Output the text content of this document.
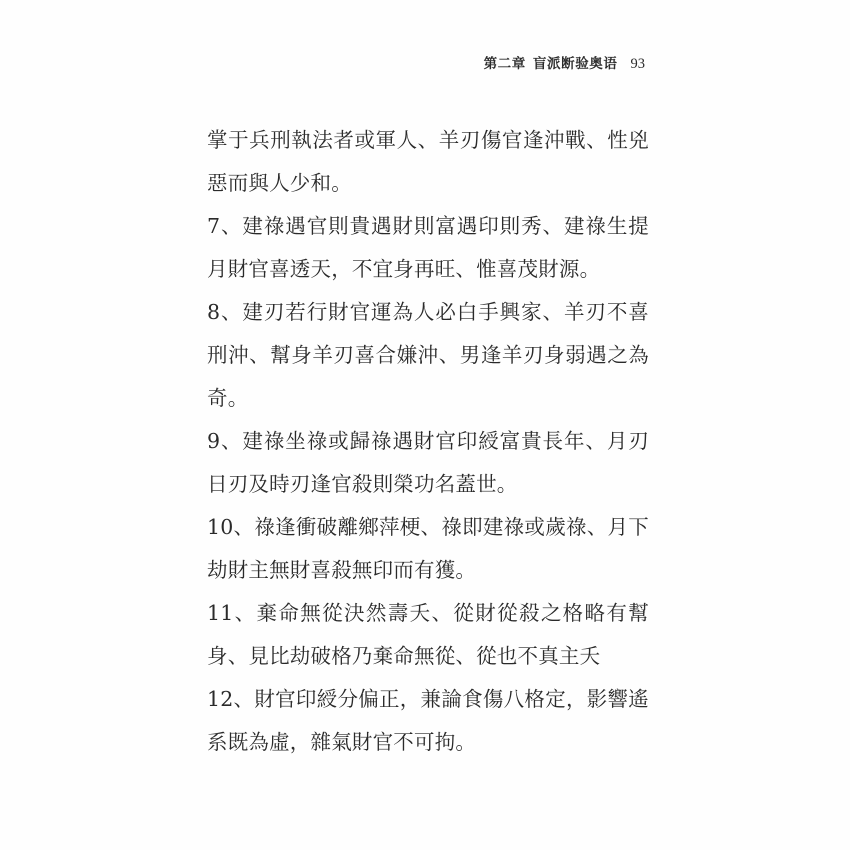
第二章 盲派断验奥语 93

掌于兵刑執法者或軍人、羊刃傷官逢沖戰、性兇惡而與人少和。

7、建祿遇官則貴遇財則富遇印則秀、建祿生提月財官喜透天，不宜身再旺、惟喜茂財源。

8、建刃若行財官運為人必白手興家、羊刃不喜刑沖、幫身羊刃喜合嫌沖、男逢羊刃身弱遇之為奇。

9、建祿坐祿或歸祿遇財官印綬富貴長年、月刃日刃及時刃逢官殺則榮功名蓋世。

10、祿逢衝破離鄉萍梗、祿即建祿或歲祿、月下劫財主無財喜殺無印而有獲。

11、棄命無從決然壽夭、從財從殺之格略有幫身、見比劫破格乃棄命無從、從也不真主夭

12、財官印綬分偏正，兼論食傷八格定，影響遙系既為虛，雜氣財官不可拘。
